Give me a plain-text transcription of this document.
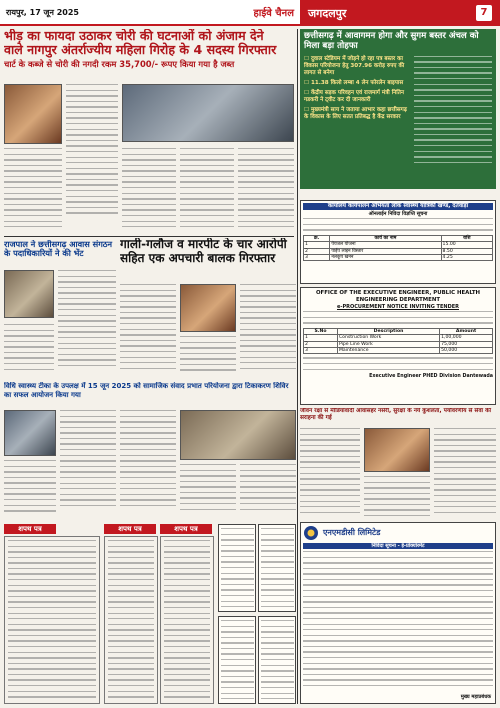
रायपुर, 17 जून 2025	हाईवे चैनल जगदलपुर	7
भीड़ का फायदा उठाकर चोरी की घटनाओं को अंजाम देने
वाले नागपुर अंतर्राज्यीय महिला गिरोह के 4 सदस्य गिरफ्तार
चार्ट के कब्जे से चोरी की नगदी रकम 35,700/- रूपए किया गया है जब्त
छत्तीसगढ़ में आवागमन होगा और सुगम बस्तर अंचल को मिला बड़ा तोहफा
☐ दुवाल स्टेडियम में जोड़ने हो रहा पत्र बस्तर का विकास परियोजना हेतु 307.96 करोड़ रुपए की लागत से बनेगा
☐ 11.38 किलो लम्बा 4 लेन फोरलेन बाइपास
☐ केंद्रीय सड़क परिवहन एवं राजमार्ग मंत्री नितिन गडकरी ने ट्वीट कर दी जानकारी
☐ मुख्यमंत्री साय ने जताया आभार कहा छत्तीसगढ़ के विकास के लिए सतत प्रतिबद्ध है केंद्र सरकार
कार्यालय कार्यपालन अभियंता लोक स्वास्थ्य यांत्रिकी खण्ड, दंतेवाड़ा
ऑनलाईन निविदा विज्ञप्ति सूचना
क्र.	कार्य का नाम	राशि
1	पेयजल योजना	15.00
2	पाईप लाइन विस्तार	8.50
3	नलकूप खनन	4.25
राजपाल ने छत्तीसगढ़ आवास संगठन के पदाधिकारियों ने की भेंट
गाली-गलौज व मारपीट के चार आरोपी
सहित एक अपचारी बालक गिरफ्तार
OFFICE OF THE EXECUTIVE ENGINEER, PUBLIC HEALTH ENGINEERING DEPARTMENT
e-PROCUREMENT NOTICE INVITING TENDER
S.No	Description	Amount
1	Construction Work	1,00,000
2	Pipe Line Work	75,000
3	Maintenance	50,000
Executive Engineer PHED Division Dantewada
विधि स्वास्थ्य टीका के उपलक्ष में 15 जून 2025 को सामाजिक संवाद प्रभात परियोजना द्वारा टिकाकरण शिविर का सफल आयोजन किया गया
जीवन रक्षा से मीडियावादी आवासहर नर्सरी, सुरक्षा के नये कुशलता, पर्यावरणीय से सेवा की सराहना की गई
शपथ पत्र	शपथ पत्र	शपथ पत्र	एनएमडीसी लिमिटेड
निविदा सूचना - ई-प्रोक्योरमेंट
मुख्य महाप्रबंधक
